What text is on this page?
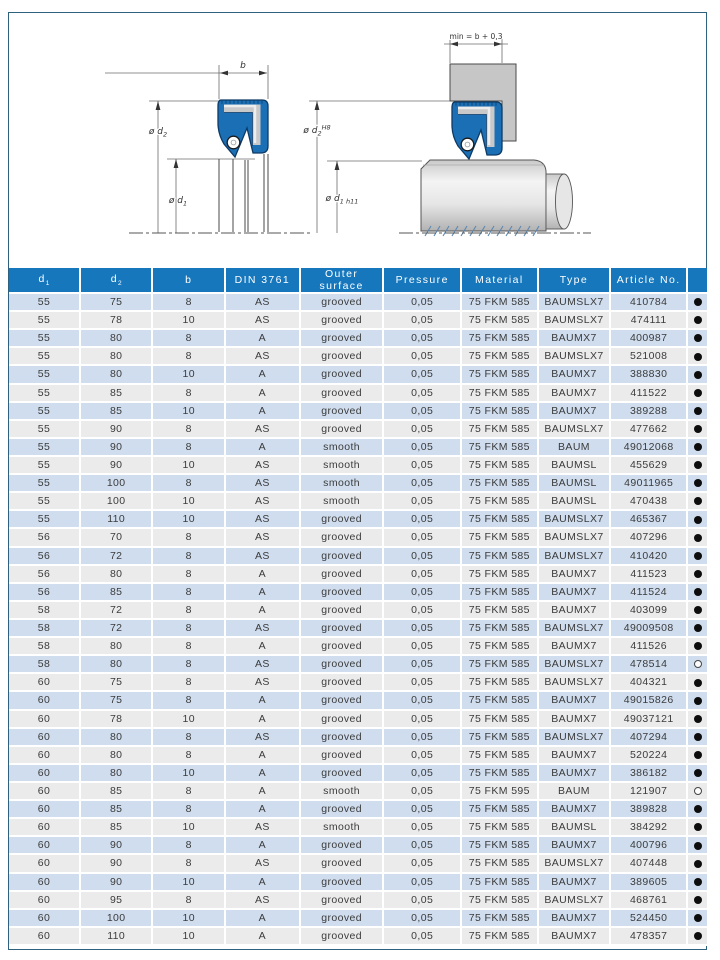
b
ø $d_2$
ø $d_1$
min = b + 0,3
ø $d_2^{H8}$
ø $d_{1 h11}$
$d_1$	$d_2$	b	DIN 3761	Outer surface	Pressure	Material	Type	Article No.	
55	75	8	AS	grooved	0,05	75 FKM 585	BAUMSLX7	410784	
55	78	10	AS	grooved	0,05	75 FKM 585	BAUMSLX7	474111	
55	80	8	A	grooved	0,05	75 FKM 585	BAUMX7	400987	
55	80	8	AS	grooved	0,05	75 FKM 585	BAUMSLX7	521008	
55	80	10	A	grooved	0,05	75 FKM 585	BAUMX7	388830	
55	85	8	A	grooved	0,05	75 FKM 585	BAUMX7	411522	
55	85	10	A	grooved	0,05	75 FKM 585	BAUMX7	389288	
55	90	8	AS	grooved	0,05	75 FKM 585	BAUMSLX7	477662	
55	90	8	A	smooth	0,05	75 FKM 585	BAUM	49012068	
55	90	10	AS	smooth	0,05	75 FKM 585	BAUMSL	455629	
55	100	8	AS	smooth	0,05	75 FKM 585	BAUMSL	49011965	
55	100	10	AS	smooth	0,05	75 FKM 585	BAUMSL	470438	
55	110	10	AS	grooved	0,05	75 FKM 585	BAUMSLX7	465367	
56	70	8	AS	grooved	0,05	75 FKM 585	BAUMSLX7	407296	
56	72	8	AS	grooved	0,05	75 FKM 585	BAUMSLX7	410420	
56	80	8	A	grooved	0,05	75 FKM 585	BAUMX7	411523	
56	85	8	A	grooved	0,05	75 FKM 585	BAUMX7	411524	
58	72	8	A	grooved	0,05	75 FKM 585	BAUMX7	403099	
58	72	8	AS	grooved	0,05	75 FKM 585	BAUMSLX7	49009508	
58	80	8	A	grooved	0,05	75 FKM 585	BAUMX7	411526	
58	80	8	AS	grooved	0,05	75 FKM 585	BAUMSLX7	478514	
60	75	8	AS	grooved	0,05	75 FKM 585	BAUMSLX7	404321	
60	75	8	A	grooved	0,05	75 FKM 585	BAUMX7	49015826	
60	78	10	A	grooved	0,05	75 FKM 585	BAUMX7	49037121	
60	80	8	AS	grooved	0,05	75 FKM 585	BAUMSLX7	407294	
60	80	8	A	grooved	0,05	75 FKM 585	BAUMX7	520224	
60	80	10	A	grooved	0,05	75 FKM 585	BAUMX7	386182	
60	85	8	A	smooth	0,05	75 FKM 595	BAUM	121907	
60	85	8	A	grooved	0,05	75 FKM 585	BAUMX7	389828	
60	85	10	AS	smooth	0,05	75 FKM 585	BAUMSL	384292	
60	90	8	A	grooved	0,05	75 FKM 585	BAUMX7	400796	
60	90	8	AS	grooved	0,05	75 FKM 585	BAUMSLX7	407448	
60	90	10	A	grooved	0,05	75 FKM 585	BAUMX7	389605	
60	95	8	AS	grooved	0,05	75 FKM 585	BAUMSLX7	468761	
60	100	10	A	grooved	0,05	75 FKM 585	BAUMX7	524450	
60	110	10	A	grooved	0,05	75 FKM 585	BAUMX7	478357	
